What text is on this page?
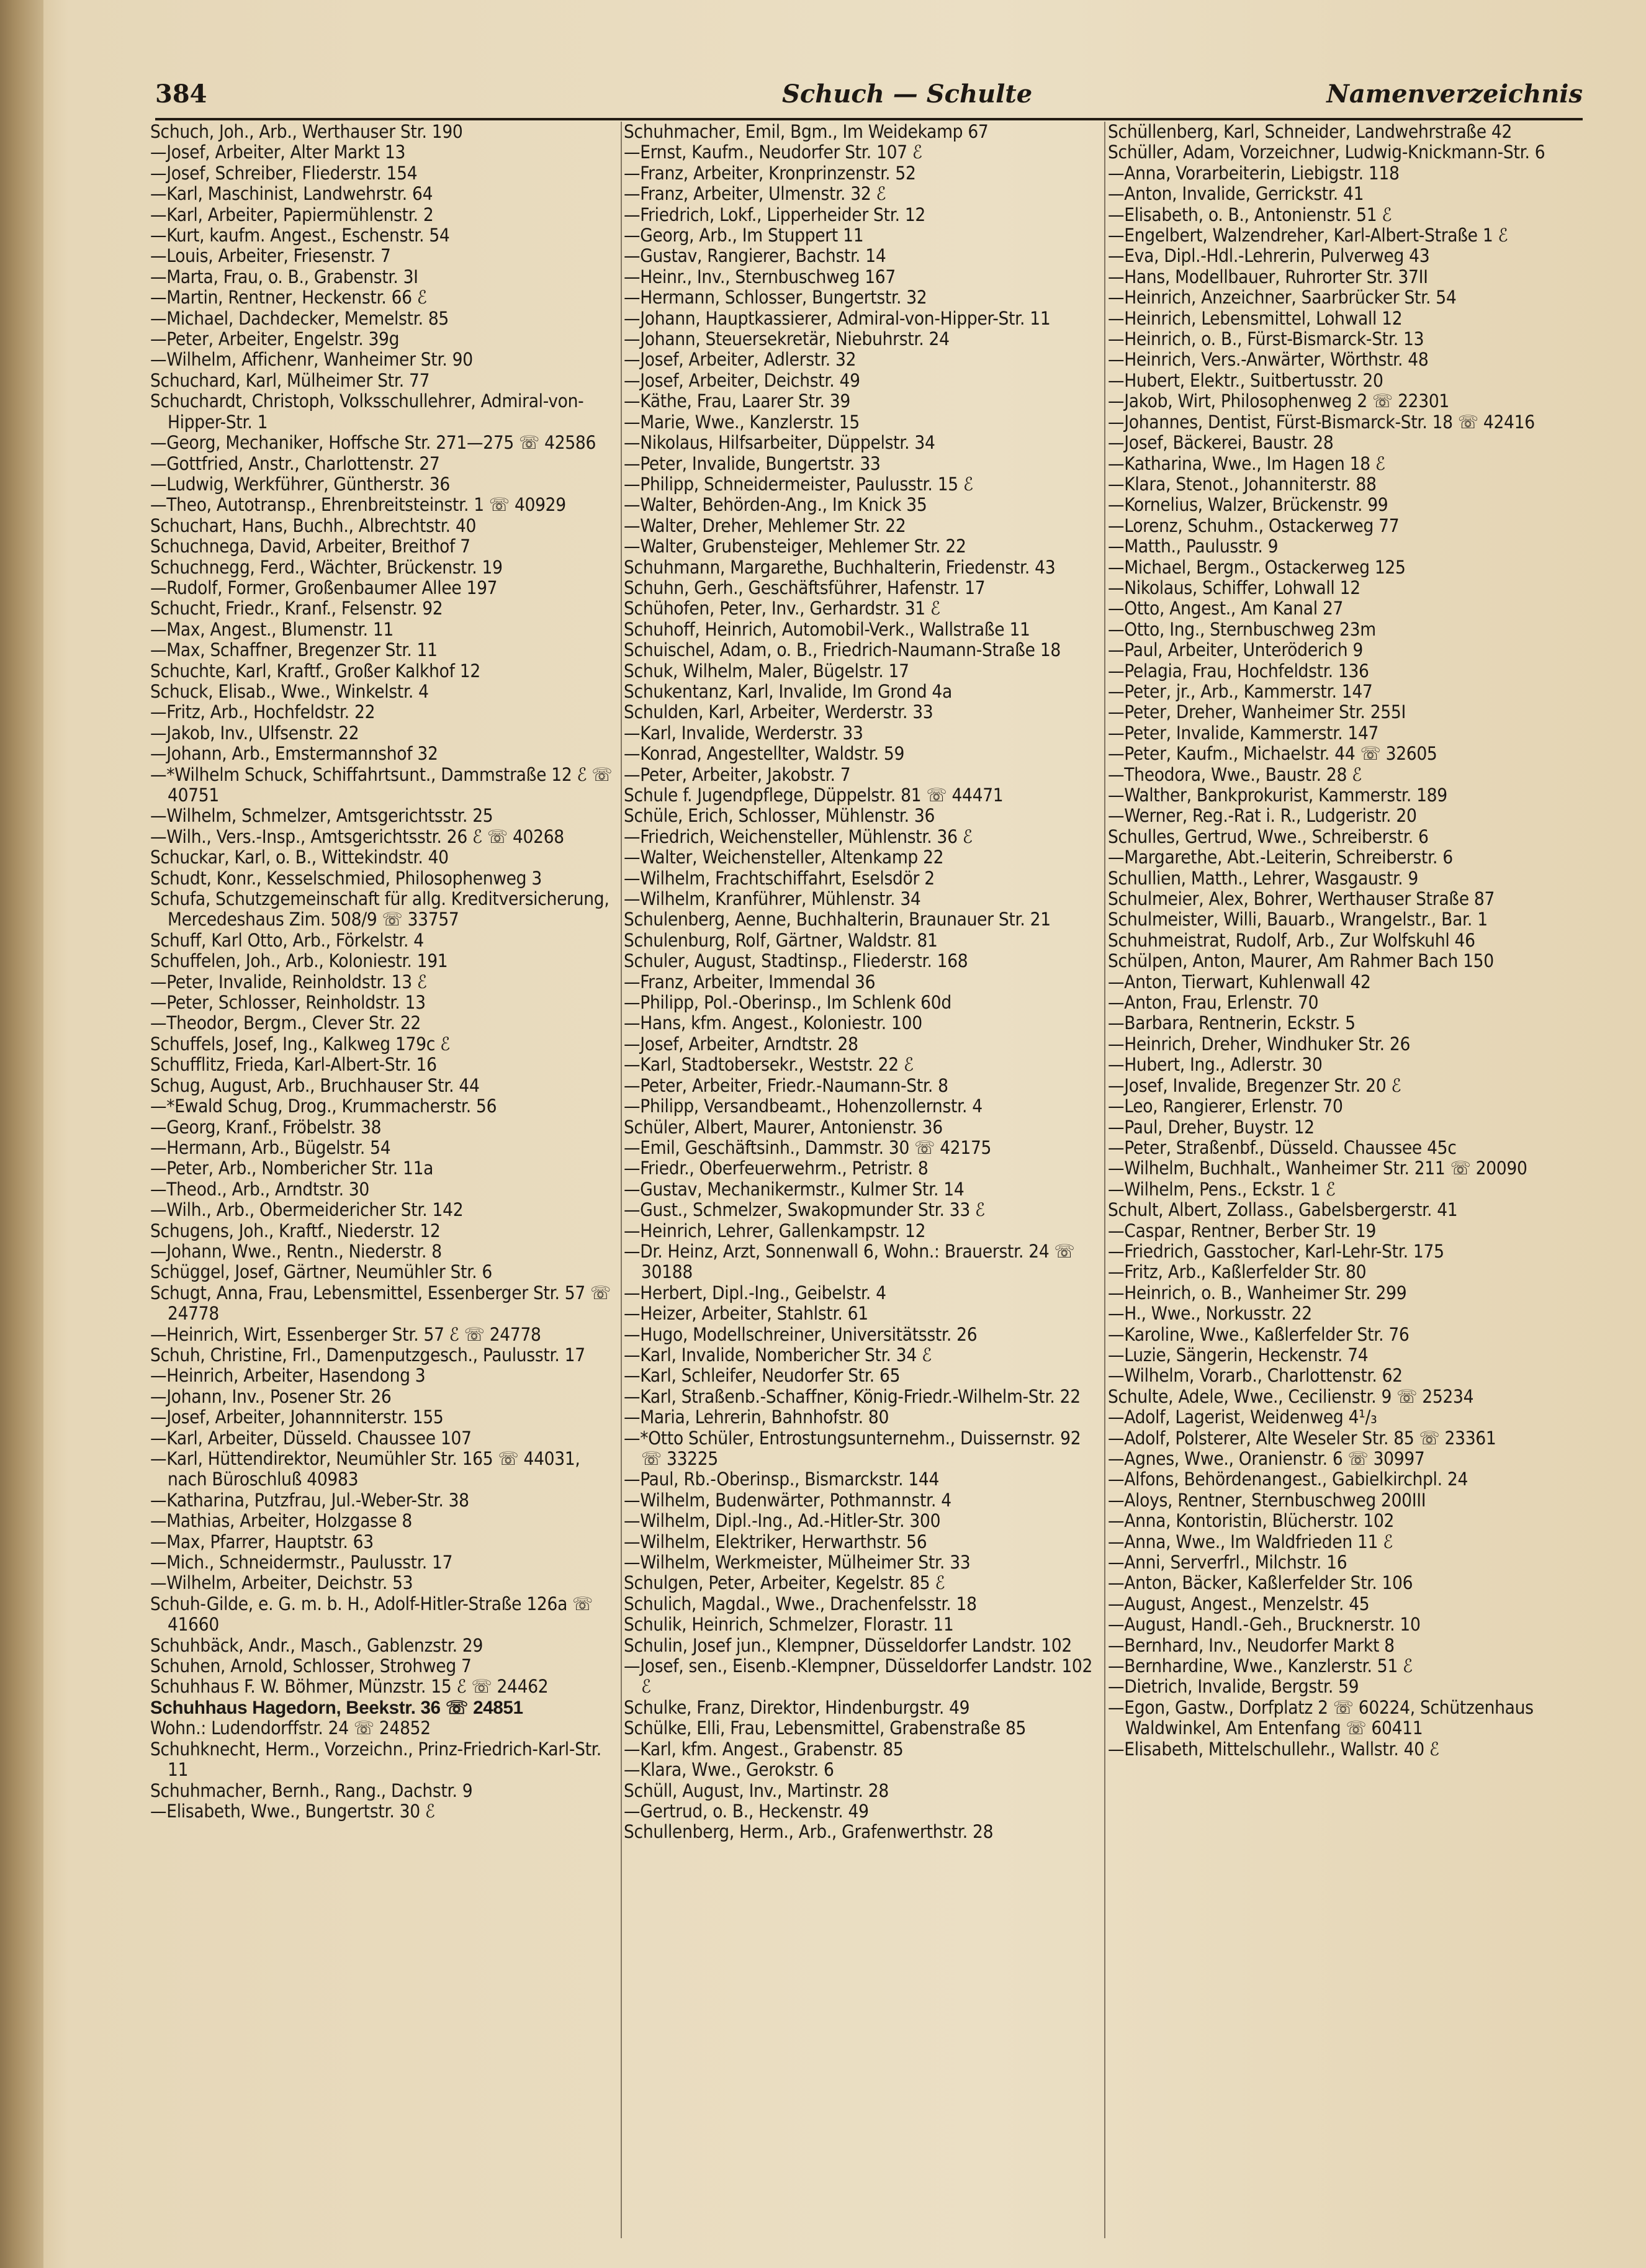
384	Schuch — Schulte	Namenverzeichnis
Schuch, Joh., Arb., Werthauser Str. 190
—Josef, Arbeiter, Alter Markt 13
—Josef, Schreiber, Fliederstr. 154
—Karl, Maschinist, Landwehrstr. 64
—Karl, Arbeiter, Papiermühlenstr. 2
—Kurt, kaufm. Angest., Eschenstr. 54
—Louis, Arbeiter, Friesenstr. 7
—Marta, Frau, o. B., Grabenstr. 3I
—Martin, Rentner, Heckenstr. 66 ℰ
—Michael, Dachdecker, Memelstr. 85
—Peter, Arbeiter, Engelstr. 39g
—Wilhelm, Affichenr, Wanheimer Str. 90
Schuchard, Karl, Mülheimer Str. 77
Schuchardt, Christoph, Volksschullehrer, Admiral-von-Hipper-Str. 1
—Georg, Mechaniker, Hoffsche Str. 271—275 ☏ 42586
—Gottfried, Anstr., Charlottenstr. 27
—Ludwig, Werkführer, Güntherstr. 36
—Theo, Autotransp., Ehrenbreitsteinstr. 1 ☏ 40929
Schuchart, Hans, Buchh., Albrechtstr. 40
Schuchnega, David, Arbeiter, Breithof 7
Schuchnegg, Ferd., Wächter, Brückenstr. 19
—Rudolf, Former, Großenbaumer Allee 197
Schucht, Friedr., Kranf., Felsenstr. 92
—Max, Angest., Blumenstr. 11
—Max, Schaffner, Bregenzer Str. 11
Schuchte, Karl, Kraftf., Großer Kalkhof 12
Schuck, Elisab., Wwe., Winkelstr. 4
—Fritz, Arb., Hochfeldstr. 22
—Jakob, Inv., Ulfsenstr. 22
—Johann, Arb., Emstermannshof 32
—*Wilhelm Schuck, Schiffahrtsunt., Dammstraße 12 ℰ ☏ 40751
—Wilhelm, Schmelzer, Amtsgerichtsstr. 25
—Wilh., Vers.-Insp., Amtsgerichtsstr. 26 ℰ ☏ 40268
Schuckar, Karl, o. B., Wittekindstr. 40
Schudt, Konr., Kesselschmied, Philosophenweg 3
Schufa, Schutzgemeinschaft für allg. Kreditversicherung, Mercedeshaus Zim. 508/9 ☏ 33757
Schuff, Karl Otto, Arb., Förkelstr. 4
Schuffelen, Joh., Arb., Koloniestr. 191
—Peter, Invalide, Reinholdstr. 13 ℰ
—Peter, Schlosser, Reinholdstr. 13
—Theodor, Bergm., Clever Str. 22
Schuffels, Josef, Ing., Kalkweg 179c ℰ
Schufflitz, Frieda, Karl-Albert-Str. 16
Schug, August, Arb., Bruchhauser Str. 44
—*Ewald Schug, Drog., Krummacherstr. 56
—Georg, Kranf., Fröbelstr. 38
—Hermann, Arb., Bügelstr. 54
—Peter, Arb., Nombericher Str. 11a
—Theod., Arb., Arndtstr. 30
—Wilh., Arb., Obermeidericher Str. 142
Schugens, Joh., Kraftf., Niederstr. 12
—Johann, Wwe., Rentn., Niederstr. 8
Schüggel, Josef, Gärtner, Neumühler Str. 6
Schugt, Anna, Frau, Lebensmittel, Essenberger Str. 57 ☏ 24778
—Heinrich, Wirt, Essenberger Str. 57 ℰ ☏ 24778
Schuh, Christine, Frl., Damenputzgesch., Paulusstr. 17
—Heinrich, Arbeiter, Hasendong 3
—Johann, Inv., Posener Str. 26
—Josef, Arbeiter, Johannniterstr. 155
—Karl, Arbeiter, Düsseld. Chaussee 107
—Karl, Hüttendirektor, Neumühler Str. 165 ☏ 44031, nach Büroschluß 40983
—Katharina, Putzfrau, Jul.-Weber-Str. 38
—Mathias, Arbeiter, Holzgasse 8
—Max, Pfarrer, Hauptstr. 63
—Mich., Schneidermstr., Paulusstr. 17
—Wilhelm, Arbeiter, Deichstr. 53
Schuh-Gilde, e. G. m. b. H., Adolf-Hitler-Straße 126a ☏ 41660
Schuhbäck, Andr., Masch., Gablenzstr. 29
Schuhen, Arnold, Schlosser, Strohweg 7
Schuhhaus F. W. Böhmer, Münzstr. 15 ℰ ☏ 24462
Schuhhaus Hagedorn, Beekstr. 36 ☏ 24851
Wohn.: Ludendorffstr. 24 ☏ 24852
Schuhknecht, Herm., Vorzeichn., Prinz-Friedrich-Karl-Str. 11
Schuhmacher, Bernh., Rang., Dachstr. 9
—Elisabeth, Wwe., Bungertstr. 30 ℰ
Schuhmacher, Emil, Bgm., Im Weidekamp 67
—Ernst, Kaufm., Neudorfer Str. 107 ℰ
—Franz, Arbeiter, Kronprinzenstr. 52
—Franz, Arbeiter, Ulmenstr. 32 ℰ
—Friedrich, Lokf., Lipperheider Str. 12
—Georg, Arb., Im Stuppert 11
—Gustav, Rangierer, Bachstr. 14
—Heinr., Inv., Sternbuschweg 167
—Hermann, Schlosser, Bungertstr. 32
—Johann, Hauptkassierer, Admiral-von-Hipper-Str. 11
—Johann, Steuersekretär, Niebuhrstr. 24
—Josef, Arbeiter, Adlerstr. 32
—Josef, Arbeiter, Deichstr. 49
—Käthe, Frau, Laarer Str. 39
—Marie, Wwe., Kanzlerstr. 15
—Nikolaus, Hilfsarbeiter, Düppelstr. 34
—Peter, Invalide, Bungertstr. 33
—Philipp, Schneidermeister, Paulusstr. 15 ℰ
—Walter, Behörden-Ang., Im Knick 35
—Walter, Dreher, Mehlemer Str. 22
—Walter, Grubensteiger, Mehlemer Str. 22
Schuhmann, Margarethe, Buchhalterin, Friedenstr. 43
Schuhn, Gerh., Geschäftsführer, Hafenstr. 17
Schühofen, Peter, Inv., Gerhardstr. 31 ℰ
Schuhoff, Heinrich, Automobil-Verk., Wallstraße 11
Schuischel, Adam, o. B., Friedrich-Naumann-Straße 18
Schuk, Wilhelm, Maler, Bügelstr. 17
Schukentanz, Karl, Invalide, Im Grond 4a
Schulden, Karl, Arbeiter, Werderstr. 33
—Karl, Invalide, Werderstr. 33
—Konrad, Angestellter, Waldstr. 59
—Peter, Arbeiter, Jakobstr. 7
Schule f. Jugendpflege, Düppelstr. 81 ☏ 44471
Schüle, Erich, Schlosser, Mühlenstr. 36
—Friedrich, Weichensteller, Mühlenstr. 36 ℰ
—Walter, Weichensteller, Altenkamp 22
—Wilhelm, Frachtschiffahrt, Eselsdör 2
—Wilhelm, Kranführer, Mühlenstr. 34
Schulenberg, Aenne, Buchhalterin, Braunauer Str. 21
Schulenburg, Rolf, Gärtner, Waldstr. 81
Schuler, August, Stadtinsp., Fliederstr. 168
—Franz, Arbeiter, Immendal 36
—Philipp, Pol.-Oberinsp., Im Schlenk 60d
—Hans, kfm. Angest., Koloniestr. 100
—Josef, Arbeiter, Arndtstr. 28
—Karl, Stadtobersekr., Weststr. 22 ℰ
—Peter, Arbeiter, Friedr.-Naumann-Str. 8
—Philipp, Versandbeamt., Hohenzollernstr. 4
Schüler, Albert, Maurer, Antonienstr. 36
—Emil, Geschäftsinh., Dammstr. 30 ☏ 42175
—Friedr., Oberfeuerwehrm., Petristr. 8
—Gustav, Mechanikermstr., Kulmer Str. 14
—Gust., Schmelzer, Swakopmunder Str. 33 ℰ
—Heinrich, Lehrer, Gallenkampstr. 12
—Dr. Heinz, Arzt, Sonnenwall 6, Wohn.: Brauerstr. 24 ☏ 30188
—Herbert, Dipl.-Ing., Geibelstr. 4
—Heizer, Arbeiter, Stahlstr. 61
—Hugo, Modellschreiner, Universitätsstr. 26
—Karl, Invalide, Nombericher Str. 34 ℰ
—Karl, Schleifer, Neudorfer Str. 65
—Karl, Straßenb.-Schaffner, König-Friedr.-Wilhelm-Str. 22
—Maria, Lehrerin, Bahnhofstr. 80
—*Otto Schüler, Entrostungsunternehm., Duissernstr. 92 ☏ 33225
—Paul, Rb.-Oberinsp., Bismarckstr. 144
—Wilhelm, Budenwärter, Pothmannstr. 4
—Wilhelm, Dipl.-Ing., Ad.-Hitler-Str. 300
—Wilhelm, Elektriker, Herwarthstr. 56
—Wilhelm, Werkmeister, Mülheimer Str. 33
Schulgen, Peter, Arbeiter, Kegelstr. 85 ℰ
Schulich, Magdal., Wwe., Drachenfelsstr. 18
Schulik, Heinrich, Schmelzer, Florastr. 11
Schulin, Josef jun., Klempner, Düsseldorfer Landstr. 102
—Josef, sen., Eisenb.-Klempner, Düsseldorfer Landstr. 102 ℰ
Schulke, Franz, Direktor, Hindenburgstr. 49
Schülke, Elli, Frau, Lebensmittel, Grabenstraße 85
—Karl, kfm. Angest., Grabenstr. 85
—Klara, Wwe., Gerokstr. 6
Schüll, August, Inv., Martinstr. 28
—Gertrud, o. B., Heckenstr. 49
Schullenberg, Herm., Arb., Grafenwerthstr. 28
Schüllenberg, Karl, Schneider, Landwehrstraße 42
Schüller, Adam, Vorzeichner, Ludwig-Knickmann-Str. 6
—Anna, Vorarbeiterin, Liebigstr. 118
—Anton, Invalide, Gerrickstr. 41
—Elisabeth, o. B., Antonienstr. 51 ℰ
—Engelbert, Walzendreher, Karl-Albert-Straße 1 ℰ
—Eva, Dipl.-Hdl.-Lehrerin, Pulverweg 43
—Hans, Modellbauer, Ruhrorter Str. 37II
—Heinrich, Anzeichner, Saarbrücker Str. 54
—Heinrich, Lebensmittel, Lohwall 12
—Heinrich, o. B., Fürst-Bismarck-Str. 13
—Heinrich, Vers.-Anwärter, Wörthstr. 48
—Hubert, Elektr., Suitbertusstr. 20
—Jakob, Wirt, Philosophenweg 2 ☏ 22301
—Johannes, Dentist, Fürst-Bismarck-Str. 18 ☏ 42416
—Josef, Bäckerei, Baustr. 28
—Katharina, Wwe., Im Hagen 18 ℰ
—Klara, Stenot., Johanniterstr. 88
—Kornelius, Walzer, Brückenstr. 99
—Lorenz, Schuhm., Ostackerweg 77
—Matth., Paulusstr. 9
—Michael, Bergm., Ostackerweg 125
—Nikolaus, Schiffer, Lohwall 12
—Otto, Angest., Am Kanal 27
—Otto, Ing., Sternbuschweg 23m
—Paul, Arbeiter, Unteröderich 9
—Pelagia, Frau, Hochfeldstr. 136
—Peter, jr., Arb., Kammerstr. 147
—Peter, Dreher, Wanheimer Str. 255I
—Peter, Invalide, Kammerstr. 147
—Peter, Kaufm., Michaelstr. 44 ☏ 32605
—Theodora, Wwe., Baustr. 28 ℰ
—Walther, Bankprokurist, Kammerstr. 189
—Werner, Reg.-Rat i. R., Ludgeristr. 20
Schulles, Gertrud, Wwe., Schreiberstr. 6
—Margarethe, Abt.-Leiterin, Schreiberstr. 6
Schullien, Matth., Lehrer, Wasgaustr. 9
Schulmeier, Alex, Bohrer, Werthauser Straße 87
Schulmeister, Willi, Bauarb., Wrangelstr., Bar. 1
Schuhmeistrat, Rudolf, Arb., Zur Wolfskuhl 46
Schülpen, Anton, Maurer, Am Rahmer Bach 150
—Anton, Tierwart, Kuhlenwall 42
—Anton, Frau, Erlenstr. 70
—Barbara, Rentnerin, Eckstr. 5
—Heinrich, Dreher, Windhuker Str. 26
—Hubert, Ing., Adlerstr. 30
—Josef, Invalide, Bregenzer Str. 20 ℰ
—Leo, Rangierer, Erlenstr. 70
—Paul, Dreher, Buystr. 12
—Peter, Straßenbf., Düsseld. Chaussee 45c
—Wilhelm, Buchhalt., Wanheimer Str. 211 ☏ 20090
—Wilhelm, Pens., Eckstr. 1 ℰ
Schult, Albert, Zollass., Gabelsbergerstr. 41
—Caspar, Rentner, Berber Str. 19
—Friedrich, Gasstocher, Karl-Lehr-Str. 175
—Fritz, Arb., Kaßlerfelder Str. 80
—Heinrich, o. B., Wanheimer Str. 299
—H., Wwe., Norkusstr. 22
—Karoline, Wwe., Kaßlerfelder Str. 76
—Luzie, Sängerin, Heckenstr. 74
—Wilhelm, Vorarb., Charlottenstr. 62
Schulte, Adele, Wwe., Cecilienstr. 9 ☏ 25234
—Adolf, Lagerist, Weidenweg 4¹/₃
—Adolf, Polsterer, Alte Weseler Str. 85 ☏ 23361
—Agnes, Wwe., Oranienstr. 6 ☏ 30997
—Alfons, Behördenangest., Gabielkirchpl. 24
—Aloys, Rentner, Sternbuschweg 200III
—Anna, Kontoristin, Blücherstr. 102
—Anna, Wwe., Im Waldfrieden 11 ℰ
—Anni, Serverfrl., Milchstr. 16
—Anton, Bäcker, Kaßlerfelder Str. 106
—August, Angest., Menzelstr. 45
—August, Handl.-Geh., Brucknerstr. 10
—Bernhard, Inv., Neudorfer Markt 8
—Bernhardine, Wwe., Kanzlerstr. 51 ℰ
—Dietrich, Invalide, Bergstr. 59
—Egon, Gastw., Dorfplatz 2 ☏ 60224, Schützenhaus Waldwinkel, Am Entenfang ☏ 60411
—Elisabeth, Mittelschullehr., Wallstr. 40 ℰ
